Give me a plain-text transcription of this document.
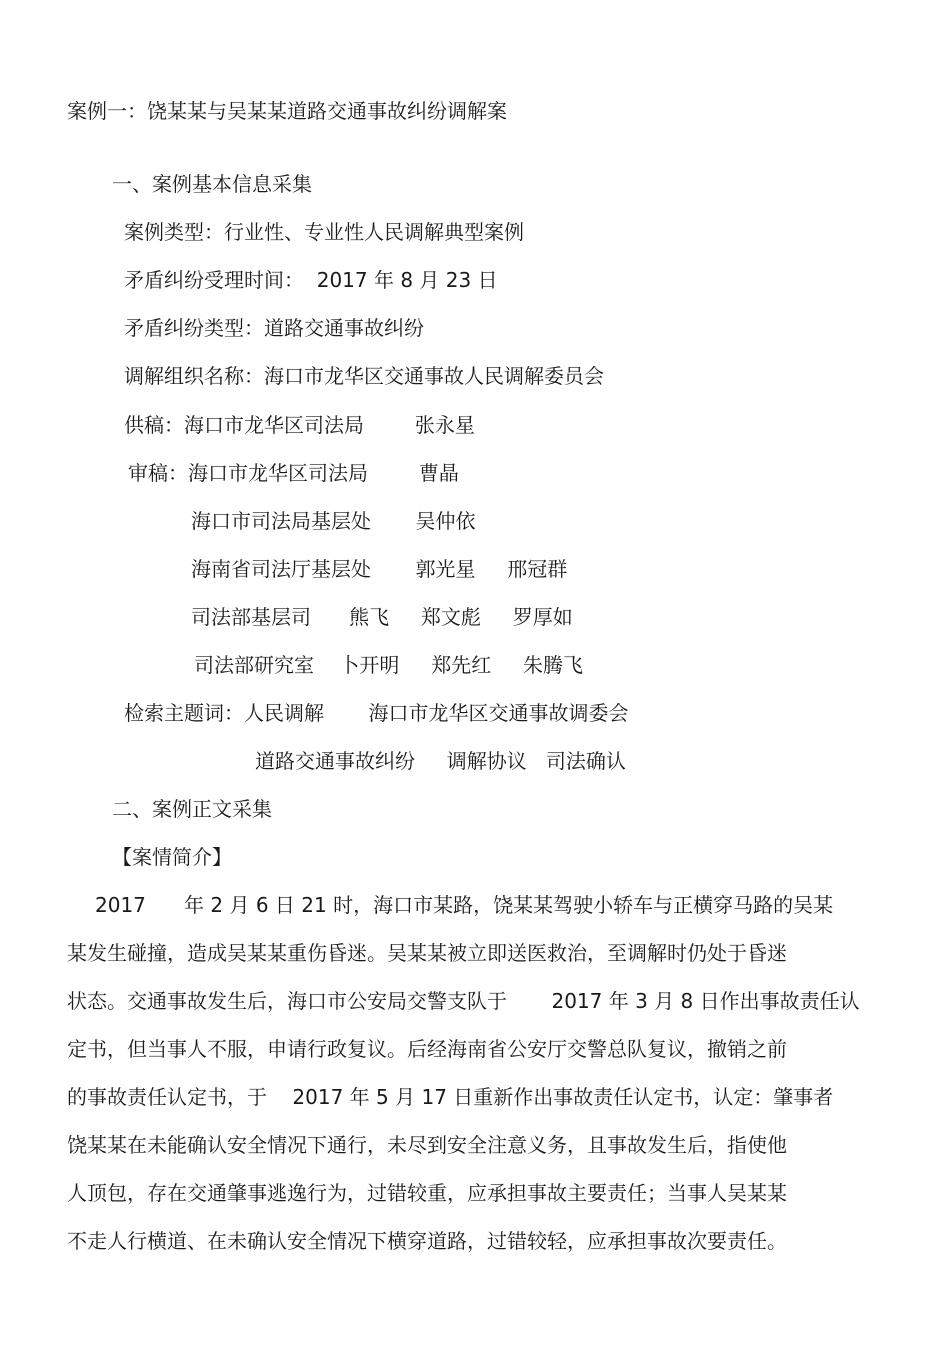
案例一：饶某某与吴某某道路交通事故纠纷调解案

一、案例基本信息采集

案例类型：行业性、专业性人民调解典型案例

矛盾纠纷受理时间：  2017 年 8 月 23 日

矛盾纠纷类型：道路交通事故纠纷

调解组织名称：海口市龙华区交通事故人民调解委员会

供稿：海口市龙华区司法局        张永星

审稿：海口市龙华区司法局        曹晶

海口市司法局基层处       吴仲依

海南省司法厅基层处       郭光星     邢冠群

司法部基层司      熊飞     郑文彪     罗厚如

司法部研究室    卜开明     郑先红     朱腾飞

检索主题词：人民调解       海口市龙华区交通事故调委会

道路交通事故纠纷     调解协议   司法确认

二、案例正文采集

【案情简介】

2017      年 2 月 6 日 21 时，海口市某路，饶某某驾驶小轿车与正横穿马路的吴某

某发生碰撞，造成吴某某重伤昏迷。吴某某被立即送医救治，至调解时仍处于昏迷

状态。交通事故发生后，海口市公安局交警支队于       2017 年 3 月 8 日作出事故责任认

定书，但当事人不服，申请行政复议。后经海南省公安厅交警总队复议，撤销之前

的事故责任认定书，于    2017 年 5 月 17 日重新作出事故责任认定书，认定：肇事者

饶某某在未能确认安全情况下通行，未尽到安全注意义务，且事故发生后，指使他

人顶包，存在交通肇事逃逸行为，过错较重，应承担事故主要责任；当事人吴某某

不走人行横道、在未确认安全情况下横穿道路，过错较轻，应承担事故次要责任。
